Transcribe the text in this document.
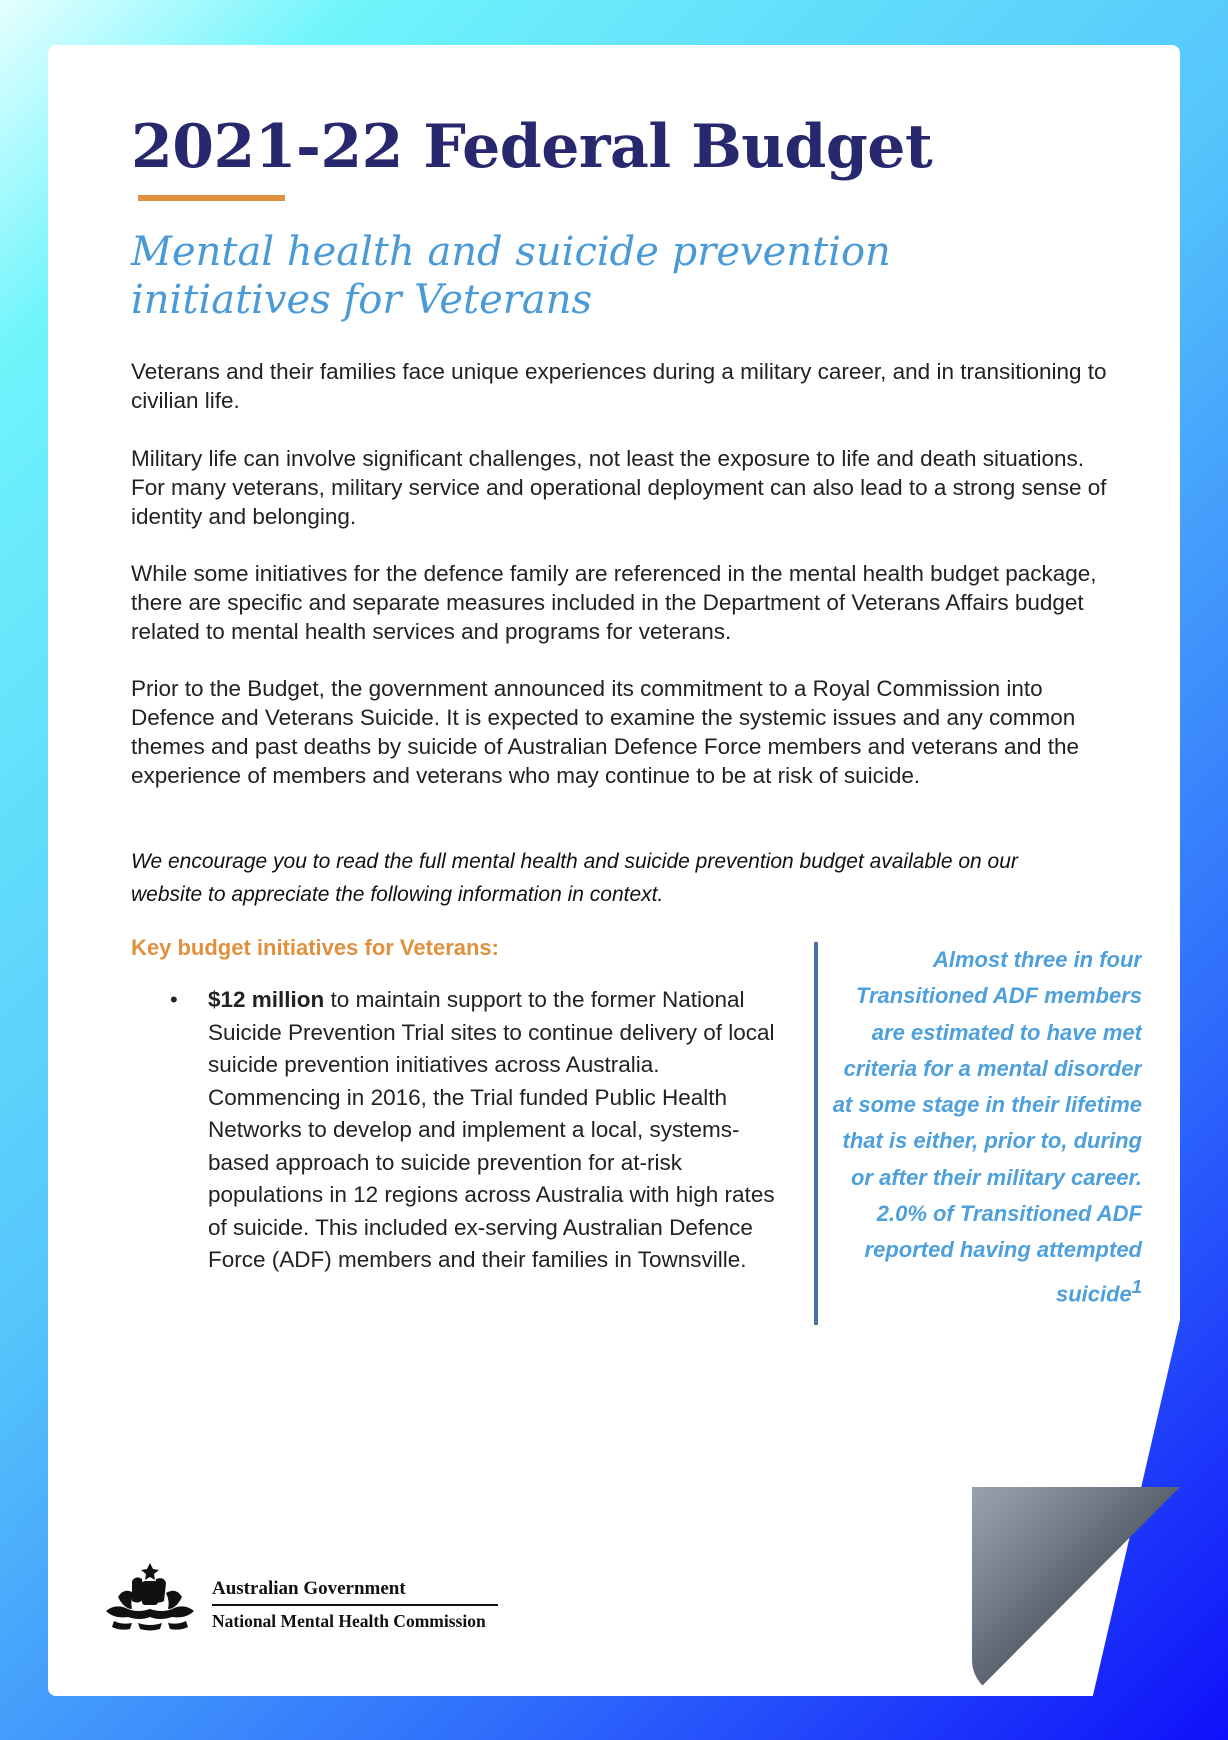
2021-22 Federal Budget
Mental health and suicide prevention initiatives for Veterans

Veterans and their families face unique experiences during a military career, and in transitioning to civilian life.

Military life can involve significant challenges, not least the exposure to life and death situations. For many veterans, military service and operational deployment can also lead to a strong sense of identity and belonging.

While some initiatives for the defence family are referenced in the mental health budget package, there are specific and separate measures included in the Department of Veterans Affairs budget related to mental health services and programs for veterans.

Prior to the Budget, the government announced its commitment to a Royal Commission into Defence and Veterans Suicide. It is expected to examine the systemic issues and any common themes and past deaths by suicide of Australian Defence Force members and veterans and the experience of members and veterans who may continue to be at risk of suicide.

We encourage you to read the full mental health and suicide prevention budget available on our website to appreciate the following information in context.

Key budget initiatives for Veterans:
• $12 million to maintain support to the former National Suicide Prevention Trial sites to continue delivery of local suicide prevention initiatives across Australia. Commencing in 2016, the Trial funded Public Health Networks to develop and implement a local, systems-based approach to suicide prevention for at-risk populations in 12 regions across Australia with high rates of suicide. This included ex-serving Australian Defence Force (ADF) members and their families in Townsville.

Almost three in four Transitioned ADF members are estimated to have met criteria for a mental disorder at some stage in their lifetime that is either, prior to, during or after their military career. 2.0% of Transitioned ADF reported having attempted suicide$^1$

Australian Government

National Mental Health Commission
